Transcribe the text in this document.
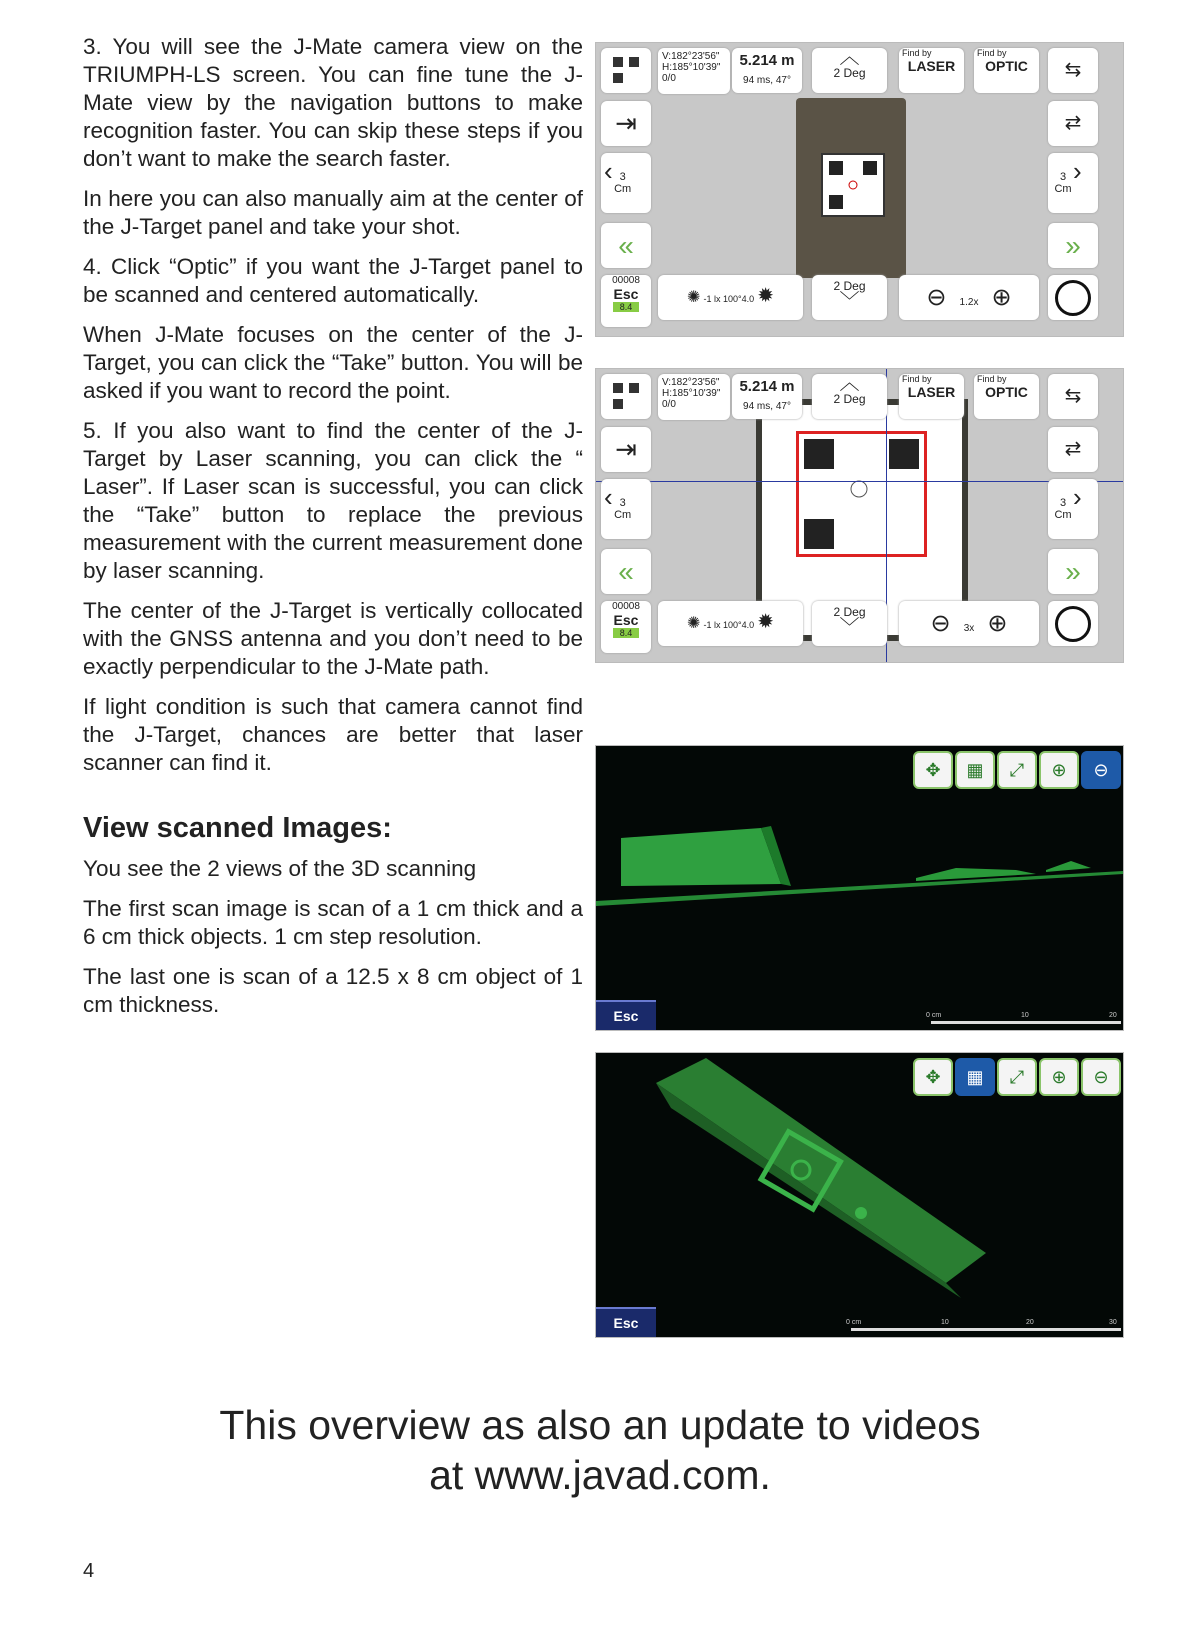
3. You will see the J-Mate camera view on the TRIUMPH-LS screen. You can fine tune the J-Mate view by the navigation buttons to make recognition faster. You can skip these steps if you don’t want to make the search faster.

In here you can also manually aim at the center of the J-Target panel and take your shot.

4. Click “Optic” if you want the J-Target panel to be scanned and centered automatically.

When J-Mate focuses on the center of the J-Target, you can click the “Take” button. You will be asked if you want to record the point.

5. If you also want to find the center of the J-Target by Laser scanning, you can click the “ Laser”. If Laser scan is successful, you can click the “Take” button to replace the previous measurement with the current measurement done by laser scanning.

The center of the J-Target is vertically collocated with the GNSS antenna and you don’t need to be exactly perpendicular to the J-Mate path.

If light condition is such that camera cannot find the J-Target, chances are better that laser scanner can find it.

View scanned Images:

You see the 2 views of the 3D scanning

The first scan image is scan of a 1 cm thick and a 6 cm thick objects. 1 cm step resolution.

The last one is scan of a 12.5 x 8 cm object of 1 cm thickness.

V:182°23'56" H:185°10'39" 0/0
5.214 m
94 ms, 47°
︿
2 Deg
Find by
LASER
Find by
OPTIC	⇆
⇥	⇄
‹ 3 Cm
3 Cm
›
«	»
00008
Esc
8.4
✺ -1 lx 100°4.0 ✹	2 Deg
﹀	⊖ 1.2x ⊕
V:182°23'56" H:185°10'39" 0/0
5.214 m
94 ms, 47°
︿
2 Deg
Find by
LASER
Find by
OPTIC	⇆
⇥	⇄
‹ 3 Cm
3 Cm
›
«	»
00008
Esc
8.4
✺ -1 lx 100°4.0 ✹	2 Deg
﹀	⊖ 3x ⊕
✥	▦	⤢	⊕	⊖
0 cm	10	20
Esc
✥	▦	⤢	⊕	⊖
0 cm	10	20	30
Esc
This overview as also an update to videos
at www.javad.com.
4
